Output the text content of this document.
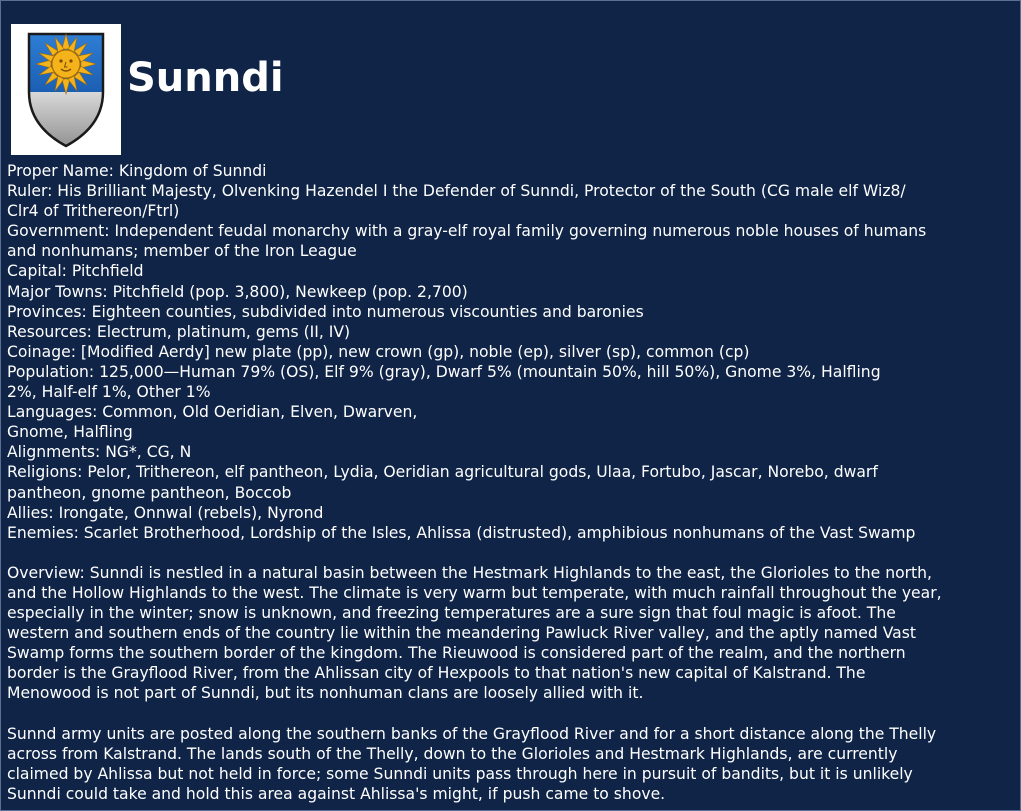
Sunndi
Proper Name: Kingdom of Sunndi
Ruler: His Brilliant Majesty, Olvenking Hazendel I the Defender of Sunndi, Protector of the South (CG male elf Wiz8/
Clr4 of Trithereon/Ftrl)
Government: Independent feudal monarchy with a gray-elf royal family governing numerous noble houses of humans
and nonhumans; member of the Iron League
Capital: Pitchfield
Major Towns: Pitchfield (pop. 3,800), Newkeep (pop. 2,700)
Provinces: Eighteen counties, subdivided into numerous viscounties and baronies
Resources: Electrum, platinum, gems (II, IV)
Coinage: [Modified Aerdy] new plate (pp), new crown (gp), noble (ep), silver (sp), common (cp)
Population: 125,000—Human 79% (OS), Elf 9% (gray), Dwarf 5% (mountain 50%, hill 50%), Gnome 3%, Halfling
2%, Half-elf 1%, Other 1%
Languages: Common, Old Oeridian, Elven, Dwarven,
Gnome, Halfling
Alignments: NG*, CG, N
Religions: Pelor, Trithereon, elf pantheon, Lydia, Oeridian agricultural gods, Ulaa, Fortubo, Jascar, Norebo, dwarf
pantheon, gnome pantheon, Boccob
Allies: Irongate, Onnwal (rebels), Nyrond
Enemies: Scarlet Brotherhood, Lordship of the Isles, Ahlissa (distrusted), amphibious nonhumans of the Vast Swamp
Overview: Sunndi is nestled in a natural basin between the Hestmark Highlands to the east, the Glorioles to the north,
and the Hollow Highlands to the west. The climate is very warm but temperate, with much rainfall throughout the year,
especially in the winter; snow is unknown, and freezing temperatures are a sure sign that foul magic is afoot. The
western and southern ends of the country lie within the meandering Pawluck River valley, and the aptly named Vast
Swamp forms the southern border of the kingdom. The Rieuwood is considered part of the realm, and the northern
border is the Grayflood River, from the Ahlissan city of Hexpools to that nation's new capital of Kalstrand. The
Menowood is not part of Sunndi, but its nonhuman clans are loosely allied with it.
Sunnd army units are posted along the southern banks of the Grayflood River and for a short distance along the Thelly
across from Kalstrand. The lands south of the Thelly, down to the Glorioles and Hestmark Highlands, are currently
claimed by Ahlissa but not held in force; some Sunndi units pass through here in pursuit of bandits, but it is unlikely
Sunndi could take and hold this area against Ahlissa's might, if push came to shove.
